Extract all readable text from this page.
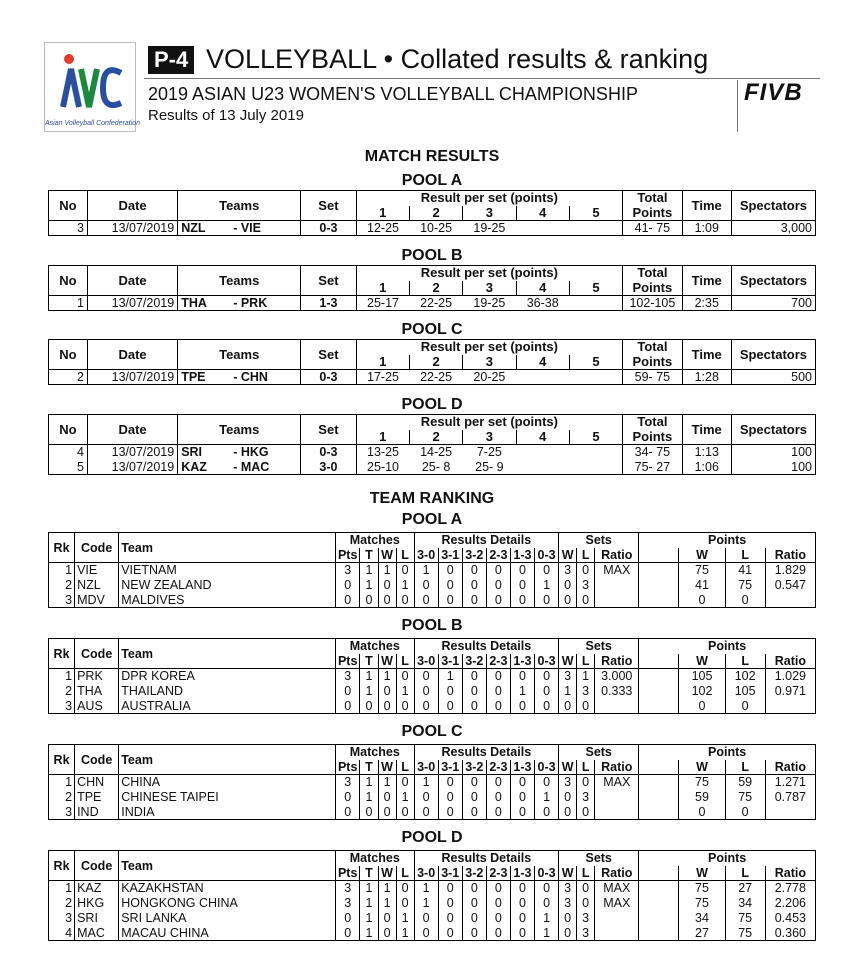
Asian Volleyball Confederation
P-4 VOLLEYBALL • Collated results & ranking
2019 ASIAN U23 WOMEN'S VOLLEYBALL CHAMPIONSHIP
Results of 13 July 2019
FIVB
MATCH RESULTS
POOL A
No	Date	Teams	Set	Result per set (points)					Total	Time	Spectators
				1	2	3	4	5	Points		
3	13/07/2019	NZL - VIE	0-3	12-25	10-25	19-25			41- 75	1:09	3,000
POOL B
No	Date	Teams	Set	Result per set (points)					Total	Time	Spectators
				1	2	3	4	5	Points		
1	13/07/2019	THA - PRK	1-3	25-17	22-25	19-25	36-38		102-105	2:35	700
POOL C
No	Date	Teams	Set	Result per set (points)					Total	Time	Spectators
				1	2	3	4	5	Points		
2	13/07/2019	TPE - CHN	0-3	17-25	22-25	20-25			59- 75	1:28	500
POOL D
No	Date	Teams	Set	Result per set (points)					Total	Time	Spectators
				1	2	3	4	5	Points		
4	13/07/2019	SRI - HKG	0-3	13-25	14-25	7-25			34- 75	1:13	100
5	13/07/2019	KAZ - MAC	3-0	25-10	25- 8	25- 9			75- 27	1:06	100
TEAM RANKING
POOL A
Rk	Code	Team	Matches				Results Details						Sets			Points			
			Pts	T	W	L	3-0	3-1	3-2	2-3	1-3	0-3	W	L	Ratio		W	L	Ratio
1	VIE	VIETNAM	3	1	1	0	1	0	0	0	0	0	3	0	MAX		75	41	1.829
2	NZL	NEW ZEALAND	0	1	0	1	0	0	0	0	0	1	0	3			41	75	0.547
3	MDV	MALDIVES	0	0	0	0	0	0	0	0	0	0	0	0			0	0	
POOL B
Rk	Code	Team	Matches				Results Details						Sets			Points			
			Pts	T	W	L	3-0	3-1	3-2	2-3	1-3	0-3	W	L	Ratio		W	L	Ratio
1	PRK	DPR KOREA	3	1	1	0	0	1	0	0	0	0	3	1	3.000		105	102	1.029
2	THA	THAILAND	0	1	0	1	0	0	0	0	1	0	1	3	0.333		102	105	0.971
3	AUS	AUSTRALIA	0	0	0	0	0	0	0	0	0	0	0	0			0	0	
POOL C
Rk	Code	Team	Matches				Results Details						Sets			Points			
			Pts	T	W	L	3-0	3-1	3-2	2-3	1-3	0-3	W	L	Ratio		W	L	Ratio
1	CHN	CHINA	3	1	1	0	1	0	0	0	0	0	3	0	MAX		75	59	1.271
2	TPE	CHINESE TAIPEI	0	1	0	1	0	0	0	0	0	1	0	3			59	75	0.787
3	IND	INDIA	0	0	0	0	0	0	0	0	0	0	0	0			0	0	
POOL D
Rk	Code	Team	Matches				Results Details						Sets			Points			
			Pts	T	W	L	3-0	3-1	3-2	2-3	1-3	0-3	W	L	Ratio		W	L	Ratio
1	KAZ	KAZAKHSTAN	3	1	1	0	1	0	0	0	0	0	3	0	MAX		75	27	2.778
2	HKG	HONGKONG CHINA	3	1	1	0	1	0	0	0	0	0	3	0	MAX		75	34	2.206
3	SRI	SRI LANKA	0	1	0	1	0	0	0	0	0	1	0	3			34	75	0.453
4	MAC	MACAU CHINA	0	1	0	1	0	0	0	0	0	1	0	3			27	75	0.360
